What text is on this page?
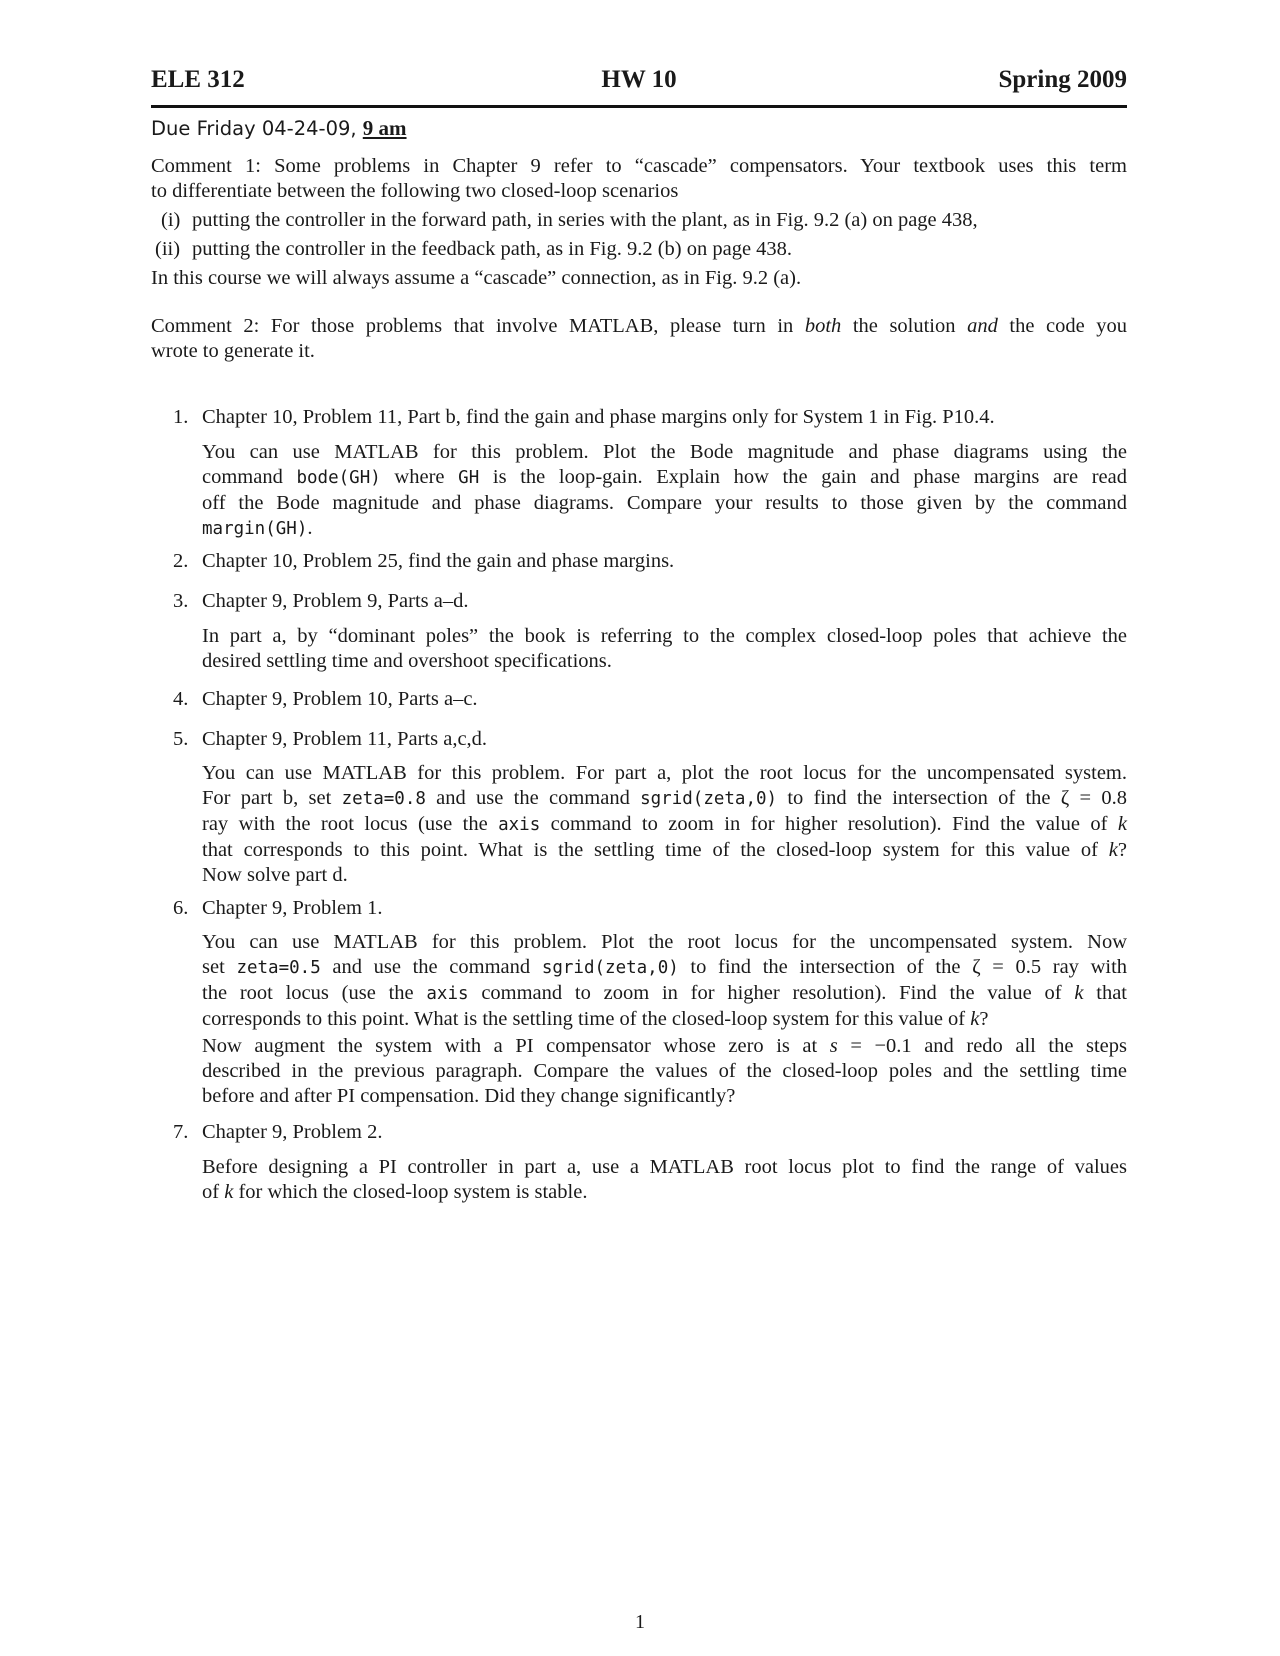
ELE 312	HW 10	Spring 2009
Due Friday 04-24-09, 9 am
Comment 1: Some problems in Chapter 9 refer to “cascade” compensators. Your textbook uses this term
to differentiate between the following two closed-loop scenarios
(i) putting the controller in the forward path, in series with the plant, as in Fig. 9.2 (a) on page 438,
(ii) putting the controller in the feedback path, as in Fig. 9.2 (b) on page 438.
In this course we will always assume a “cascade” connection, as in Fig. 9.2 (a).
Comment 2: For those problems that involve MATLAB, please turn in both the solution and the code you
wrote to generate it.
1. Chapter 10, Problem 11, Part b, find the gain and phase margins only for System 1 in Fig. P10.4.
You can use MATLAB for this problem. Plot the Bode magnitude and phase diagrams using the
command bode(GH) where GH is the loop-gain. Explain how the gain and phase margins are read
off the Bode magnitude and phase diagrams. Compare your results to those given by the command
margin(GH).
2. Chapter 10, Problem 25, find the gain and phase margins.
3. Chapter 9, Problem 9, Parts a–d.
In part a, by “dominant poles” the book is referring to the complex closed-loop poles that achieve the
desired settling time and overshoot specifications.
4. Chapter 9, Problem 10, Parts a–c.
5. Chapter 9, Problem 11, Parts a,c,d.
You can use MATLAB for this problem. For part a, plot the root locus for the uncompensated system.
For part b, set zeta=0.8 and use the command sgrid(zeta,0) to find the intersection of the ζ = 0.8
ray with the root locus (use the axis command to zoom in for higher resolution). Find the value of k
that corresponds to this point. What is the settling time of the closed-loop system for this value of k?
Now solve part d.
6. Chapter 9, Problem 1.
You can use MATLAB for this problem. Plot the root locus for the uncompensated system. Now
set zeta=0.5 and use the command sgrid(zeta,0) to find the intersection of the ζ = 0.5 ray with
the root locus (use the axis command to zoom in for higher resolution). Find the value of k that
corresponds to this point. What is the settling time of the closed-loop system for this value of k?
Now augment the system with a PI compensator whose zero is at s = −0.1 and redo all the steps
described in the previous paragraph. Compare the values of the closed-loop poles and the settling time
before and after PI compensation. Did they change significantly?
7. Chapter 9, Problem 2.
Before designing a PI controller in part a, use a MATLAB root locus plot to find the range of values
of k for which the closed-loop system is stable.
1
